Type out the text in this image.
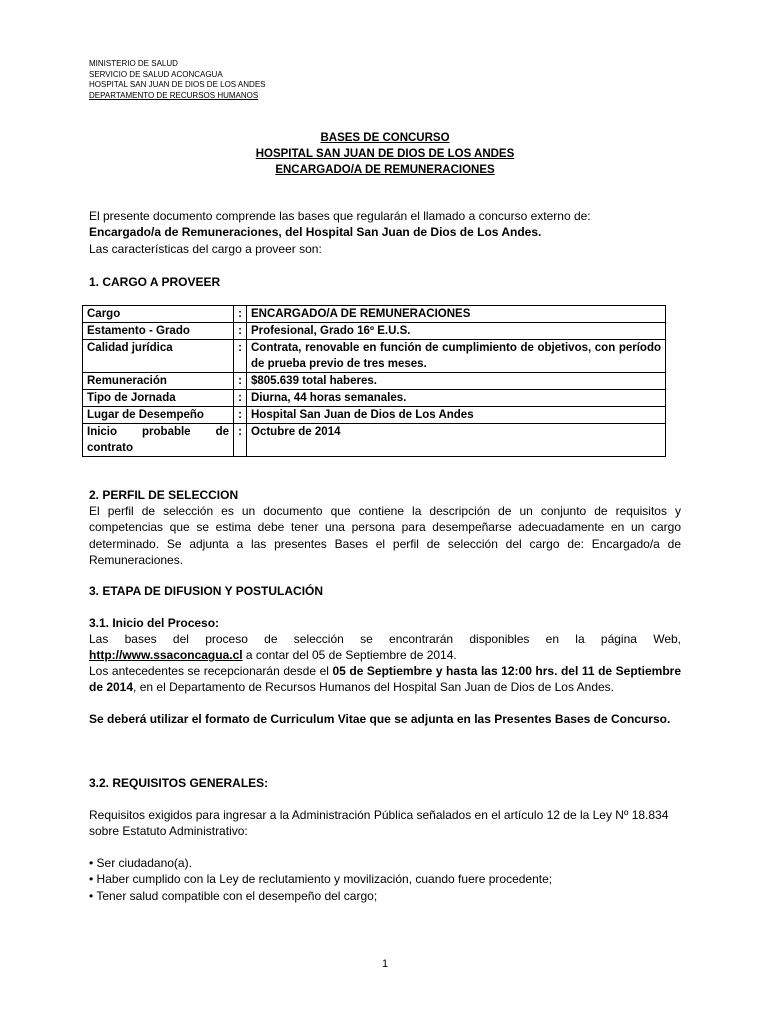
MINISTERIO DE SALUD
SERVICIO DE SALUD ACONCAGUA
HOSPITAL SAN JUAN DE DIOS DE LOS ANDES
DEPARTAMENTO DE RECURSOS HUMANOS
BASES DE CONCURSO
HOSPITAL SAN JUAN DE DIOS DE LOS ANDES
ENCARGADO/A DE REMUNERACIONES
El presente documento comprende las bases que regularán el llamado a concurso externo de:
Encargado/a de Remuneraciones, del Hospital San Juan de Dios de Los Andes.
Las características del cargo a proveer son:
1. CARGO A PROVEER
Cargo	:	ENCARGADO/A DE REMUNERACIONES
Estamento - Grado	:	Profesional, Grado 16º E.U.S.
Calidad jurídica	:	Contrata, renovable en función de cumplimiento de objetivos, con período de prueba previo de tres meses.
Remuneración	:	$805.639 total haberes.
Tipo de Jornada	:	Diurna, 44 horas semanales.
Lugar de Desempeño	:	Hospital San Juan de Dios de Los Andes

Inicio probable de
contrato	:	Octubre de 2014
2. PERFIL DE SELECCION
El perfil de selección es un documento que contiene la descripción de un conjunto de requisitos y competencias que se estima debe tener una persona para desempeñarse adecuadamente en un cargo determinado. Se adjunta a las presentes Bases el perfil de selección del cargo de: Encargado/a de Remuneraciones.
3. ETAPA DE DIFUSION Y POSTULACIÓN
3.1. Inicio del Proceso:
Las bases del proceso de selección se encontrarán disponibles en la página Web, http://www.ssaconcagua.cl a contar del 05 de Septiembre de 2014.
Los antecedentes se recepcionarán desde el 05 de Septiembre y hasta las 12:00 hrs. del 11 de Septiembre de 2014, en el Departamento de Recursos Humanos del Hospital San Juan de Dios de Los Andes.
Se deberá utilizar el formato de Curriculum Vitae que se adjunta en las Presentes Bases de Concurso.
3.2. REQUISITOS GENERALES:
Requisitos exigidos para ingresar a la Administración Pública señalados en el artículo 12 de la Ley Nº 18.834 sobre Estatuto Administrativo:
• Ser ciudadano(a).
• Haber cumplido con la Ley de reclutamiento y movilización, cuando fuere procedente;
• Tener salud compatible con el desempeño del cargo;
1
